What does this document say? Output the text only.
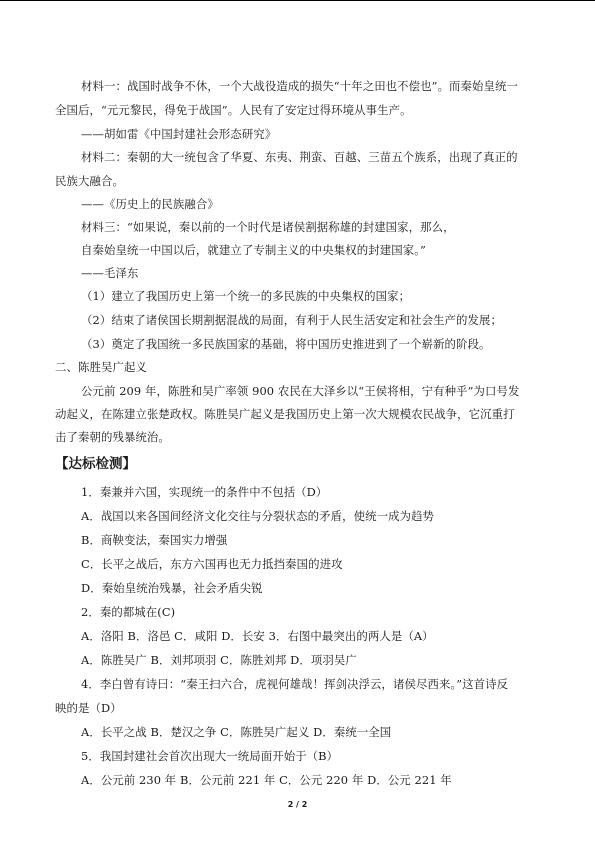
材料一：战国时战争不休，一个大战役造成的损失“十年之田也不偿也”。而秦始皇统一
全国后，“元元黎民，得免于战国”。人民有了安定过得环境从事生产。
——胡如雷《中国封建社会形态研究》
材料二：秦朝的大一统包含了华夏、东夷、荆蛮、百越、三苗五个族系，出现了真正的
民族大融合。
——《历史上的民族融合》
材料三：“如果说，秦以前的一个时代是诸侯割据称雄的封建国家，那么，
自秦始皇统一中国以后，就建立了专制主义的中央集权的封建国家。”
——毛泽东
（1）建立了我国历史上第一个统一的多民族的中央集权的国家；
（2）结束了诸侯国长期割据混战的局面，有利于人民生活安定和社会生产的发展；
（3）奠定了我国统一多民族国家的基础，将中国历史推进到了一个崭新的阶段。
二、陈胜吴广起义
公元前 209 年，陈胜和吴广率领 900 农民在大泽乡以“王侯将相，宁有种乎”为口号发
动起义，在陈建立张楚政权。陈胜吴广起义是我国历史上第一次大规模农民战争，它沉重打
击了秦朝的残暴统治。
【达标检测】
1．秦兼并六国，实现统一的条件中不包括（D）
A．战国以来各国间经济文化交往与分裂状态的矛盾，使统一成为趋势
B．商鞅变法，秦国实力增强
C．长平之战后，东方六国再也无力抵挡秦国的进攻
D．秦始皇统治残暴，社会矛盾尖锐
2．秦的都城在(C)
A．洛阳 B．洛邑 C．咸阳 D．长安 3．右图中最突出的两人是（A）
A．陈胜吴广 B．刘邦项羽 C．陈胜刘邦 D．项羽吴广
4．李白曾有诗曰：“秦王扫六合，虎视何雄哉！挥剑决浮云，诸侯尽西来。”这首诗反
映的是（D）
A．长平之战 B．楚汉之争 C．陈胜吴广起义 D．秦统一全国
5．我国封建社会首次出现大一统局面开始于（B）
A．公元前 230 年 B．公元前 221 年 C．公元 220 年 D．公元 221 年
2 / 2
